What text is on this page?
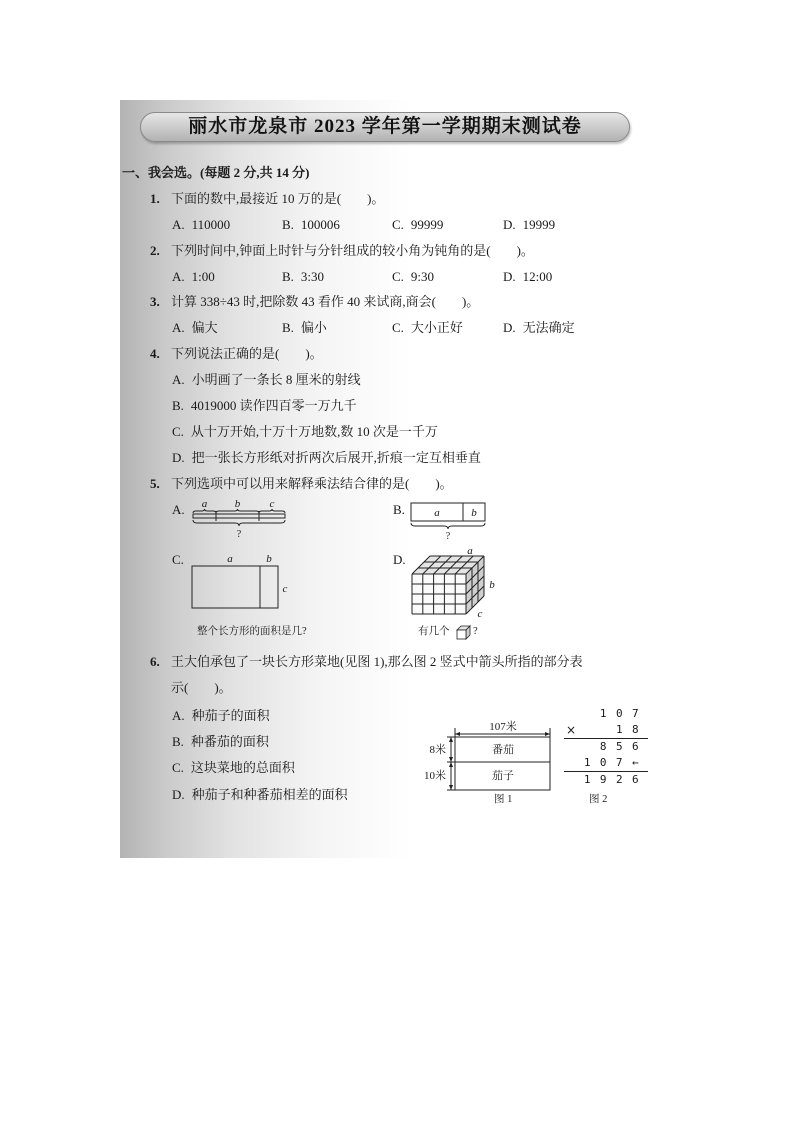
丽水市龙泉市 2023 学年第一学期期末测试卷
一、我会选。(每题 2 分,共 14 分)
1. 下面的数中,最接近 10 万的是(　　)。
A. 110000	B. 100006	C. 99999	D. 19999
2. 下列时间中,钟面上时针与分针组成的较小角为钝角的是(　　)。
A. 1:00	B. 3:30	C. 9:30	D. 12:00
3. 计算 338÷43 时,把除数 43 看作 40 来试商,商会(　　)。
A. 偏大	B. 偏小	C. 大小正好	D. 无法确定
4. 下列说法正确的是(　　)。
A. 小明画了一条长 8 厘米的射线
B. 4019000 读作四百零一万九千
C. 从十万开始,十万十万地数,数 10 次是一千万
D. 把一张长方形纸对折两次后展开,折痕一定互相垂直
5. 下列选项中可以用来解释乘法结合律的是(　　)。
A. a	b	c
?
B.	a	b
?
C.	a	b
c
整个长方形的面积是几?
D.
a
b
c
有几个 ?
6. 王大伯承包了一块长方形菜地(见图 1),那么图 2 竖式中箭头所指的部分表
示(　　)。
A. 种茄子的面积
B. 种番茄的面积
C. 这块菜地的总面积
D. 种茄子和种番茄相差的面积
107米
8米
10米
番茄
茄子
图 1
107
×	18
856
107←
1926
图 2
